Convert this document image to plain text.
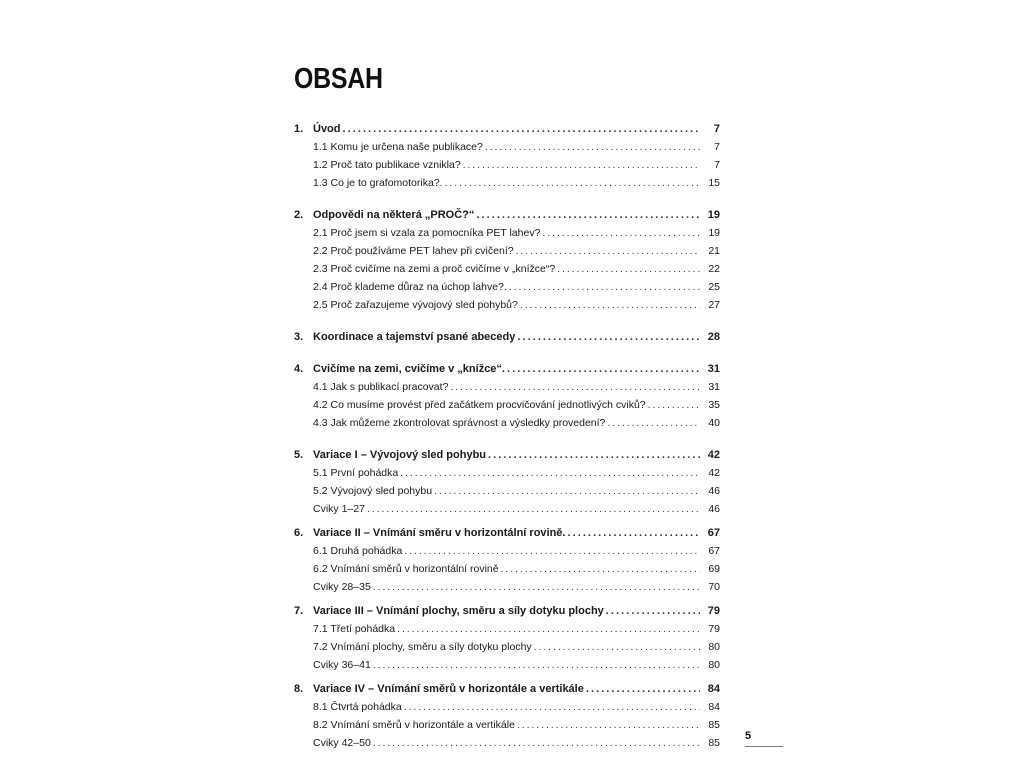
OBSAH
1. Úvod . . .	7
1.1 Komu je určena naše publikace? . . .	7
1.2 Proč tato publikace vznikla? . . .	7
1.3 Co je to grafomotorika?. . . .	15
2. Odpovědi na některá „PROČ?“ . . .	19
2.1 Proč jsem si vzala za pomocníka PET lahev? . . .	19
2.2 Proč používáme PET lahev při cvičení? . . .	21
2.3 Proč cvičíme na zemi a proč cvičíme v „knížce“? . . .	22
2.4 Proč klademe důraz na úchop lahve?. . . .	25
2.5 Proč zařazujeme vývojový sled pohybů? . . .	27
3. Koordinace a tajemství psané abecedy . . .	28
4. Cvičíme na zemi, cvičíme v „knížce“. . . .	31
4.1 Jak s publikací pracovat? . . .	31
4.2 Co musíme provést před začátkem procvičování jednotlivých cviků? . . .	35
4.3 Jak můžeme zkontrolovat správnost a výsledky provedení? . . .	40
5. Variace I – Vývojový sled pohybu . . .	42
5.1 První pohádka . . .	42
5.2 Vývojový sled pohybu . . .	46
Cviky 1–27 . . .	46
6. Variace II – Vnímání směru v horizontální rovině. . . .	67
6.1 Druhá pohádka . . .	67
6.2 Vnímání směrů v horizontální rovině . . .	69
Cviky 28–35 . . .	70
7. Variace III – Vnímání plochy, směru a síly dotyku plochy . . .	79
7.1 Třetí pohádka . . .	79
7.2 Vnímání plochy, směru a síly dotyku plochy . . .	80
Cviky 36–41 . . .	80
8. Variace IV – Vnímání směrů v horizontále a vertikále . . .	84
8.1 Čtvrtá pohádka . . .	84
8.2 Vnímání směrů v horizontále a vertikále . . .	85
Cviky 42–50 . . .	85
5
